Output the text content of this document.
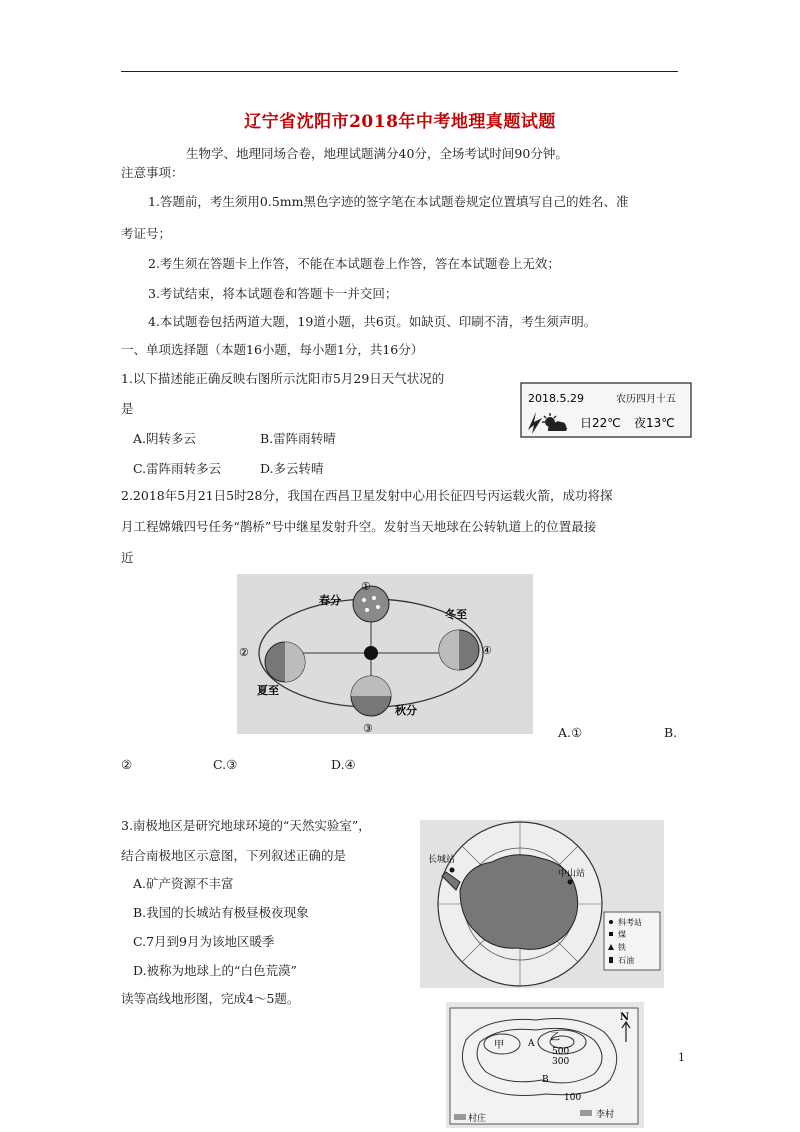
辽宁省沈阳市2018年中考地理真题试题
生物学、地理同场合卷，地理试题满分40分，全场考试时间90分钟。
注意事项：
1.答题前，考生须用0.5mm黑色字迹的签字笔在本试题卷规定位置填写自己的姓名、准
考证号；
2.考生须在答题卡上作答，不能在本试题卷上作答，答在本试题卷上无效；
3.考试结束，将本试题卷和答题卡一并交回；
4.本试题卷包括两道大题，19道小题，共6页。如缺页、印刷不清，考生须声明。
一、单项选择题（本题16小题，每小题1分，共16分）
1.以下描述能正确反映右图所示沈阳市5月29日天气状况的
是
A.阴转多云	B.雷阵雨转晴
C.雷阵雨转多云	D.多云转晴
2018.5.29	农历四月十五
日22℃ 夜13℃
2.2018年5月21日5时28分，我国在西昌卫星发射中心用长征四号丙运载火箭，成功将探
月工程嫦娥四号任务“鹊桥”号中继星发射升空。发射当天地球在公转轨道上的位置最接
近
①
②
③
④
春分
夏至
秋分
冬至
A.①	B.
②	C.③	D.④
3.南极地区是研究地球环境的“天然实验室”，
结合南极地区示意图，下列叙述正确的是
A.矿产资源不丰富
B.我国的长城站有极昼极夜现象
C.7月到9月为该地区暖季
D.被称为地球上的“白色荒漠”
长城站
中山站
科考站
煤
铁
石油
读等高线地形图，完成4～5题。
甲	A
乙
B
500
300
100
N
李村
村庄
1
